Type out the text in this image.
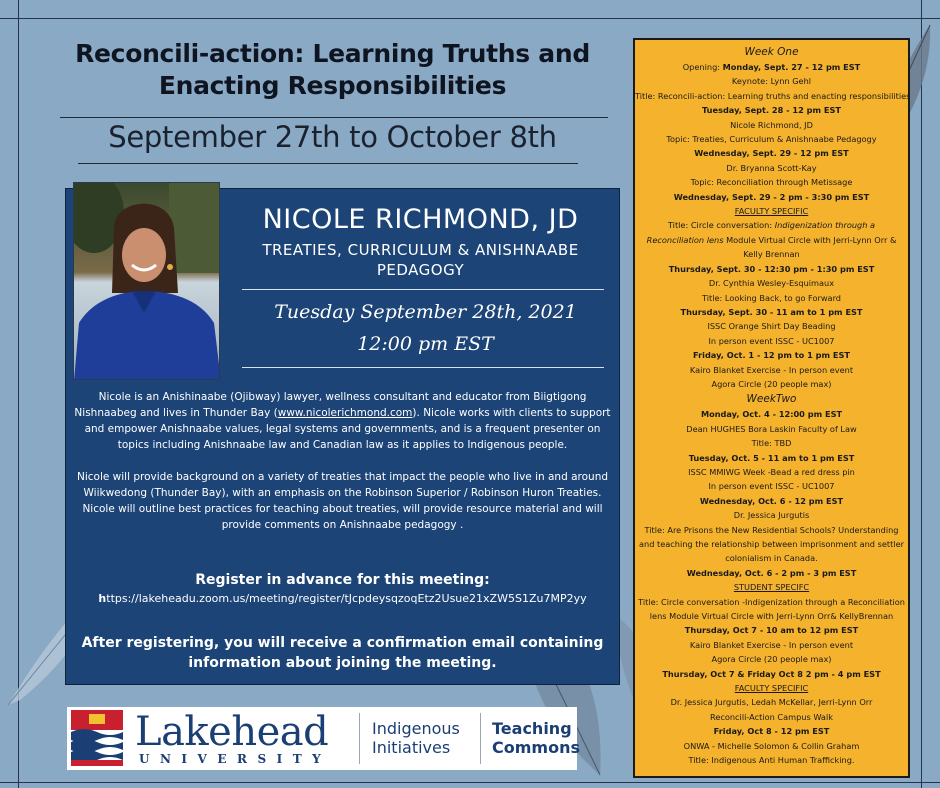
Reconcili-action: Learning Truths and
Enacting Responsibilities
September 27th to October 8th
NICOLE RICHMOND, JD
TREATIES, CURRICULUM & ANISHNAABE
PEDAGOGY
Tuesday September 28th, 2021
12:00 pm EST

Nicole is an Anishinaabe (Ojibway) lawyer, wellness consultant and educator from Biigtigong Nishnaabeg and lives in Thunder Bay (www.nicolerichmond.com). Nicole works with clients to support and empower Anishnaabe values, legal systems and governments, and is a frequent presenter on topics including Anishnaabe law and Canadian law as it applies to Indigenous people.

Nicole will provide background on a variety of treaties that impact the people who live in and around Wiikwedong (Thunder Bay), with an emphasis on the Robinson Superior / Robinson Huron Treaties. Nicole will outline best practices for teaching about treaties, will provide resource material and will provide comments on Anishnaabe pedagogy .

Register in advance for this meeting:
https://lakeheadu.zoom.us/meeting/register/tJcpdeysqzoqEtz2Usue21xZW5S1Zu7MP2yy
After registering, you will receive a confirmation email containing
information about joining the meeting.
Lakehead
UNIVERSITY
Indigenous
Initiatives
Teaching
Commons
Week One
Opening: Monday, Sept. 27 - 12 pm EST
Keynote: Lynn Gehl
Title: Reconcili-action: Learning truths and enacting responsibilities
Tuesday, Sept. 28 - 12 pm EST
Nicole Richmond, JD
Topic: Treaties, Curriculum & Anishnaabe Pedagogy
Wednesday, Sept. 29 - 12 pm EST
Dr. Bryanna Scott-Kay
Topic: Reconciliation through Metissage
Wednesday, Sept. 29 - 2 pm - 3:30 pm EST
FACULTY SPECIFIC
Title: Circle conversation: Indigenization through a Reconciliation lens Module Virtual Circle with Jerri-Lynn Orr & Kelly Brennan
Thursday, Sept. 30 - 12:30 pm - 1:30 pm EST
Dr. Cynthia Wesley-Esquimaux
Title: Looking Back, to go Forward
Thursday, Sept. 30 - 11 am to 1 pm EST
ISSC Orange Shirt Day Beading
In person event ISSC - UC1007
Friday, Oct. 1 - 12 pm to 1 pm EST
Kairo Blanket Exercise - In person event
Agora Circle (20 people max)
WeekTwo
Monday, Oct. 4 - 12:00 pm EST
Dean HUGHES Bora Laskin Faculty of Law
Title: TBD
Tuesday, Oct. 5 - 11 am to 1 pm EST
ISSC MMIWG Week -Bead a red dress pin
In person event ISSC - UC1007
Wednesday, Oct. 6 - 12 pm EST
Dr. Jessica Jurgutis
Title: Are Prisons the New Residential Schools? Understanding and teaching the relationship between imprisonment and settler colonialism in Canada.
Wednesday, Oct. 6 - 2 pm - 3 pm EST
STUDENT SPECIFC
Title: Circle conversation -Indigenization through a Reconciliation lens Module Virtual Circle with Jerri-Lynn Orr& KellyBrennan
Thursday, Oct 7 - 10 am to 12 pm EST
Kairo Blanket Exercise - In person event
Agora Circle (20 people max)
Thursday, Oct 7 & Friday Oct 8 2 pm - 4 pm EST
FACULTY SPECIFIC
Dr. Jessica Jurgutis, Ledah McKellar, Jerri-Lynn Orr
Reconcili-Action Campus Walk
Friday, Oct 8 - 12 pm EST
ONWA - Michelle Solomon & Collin Graham
Title: Indigenous Anti Human Trafficking.
